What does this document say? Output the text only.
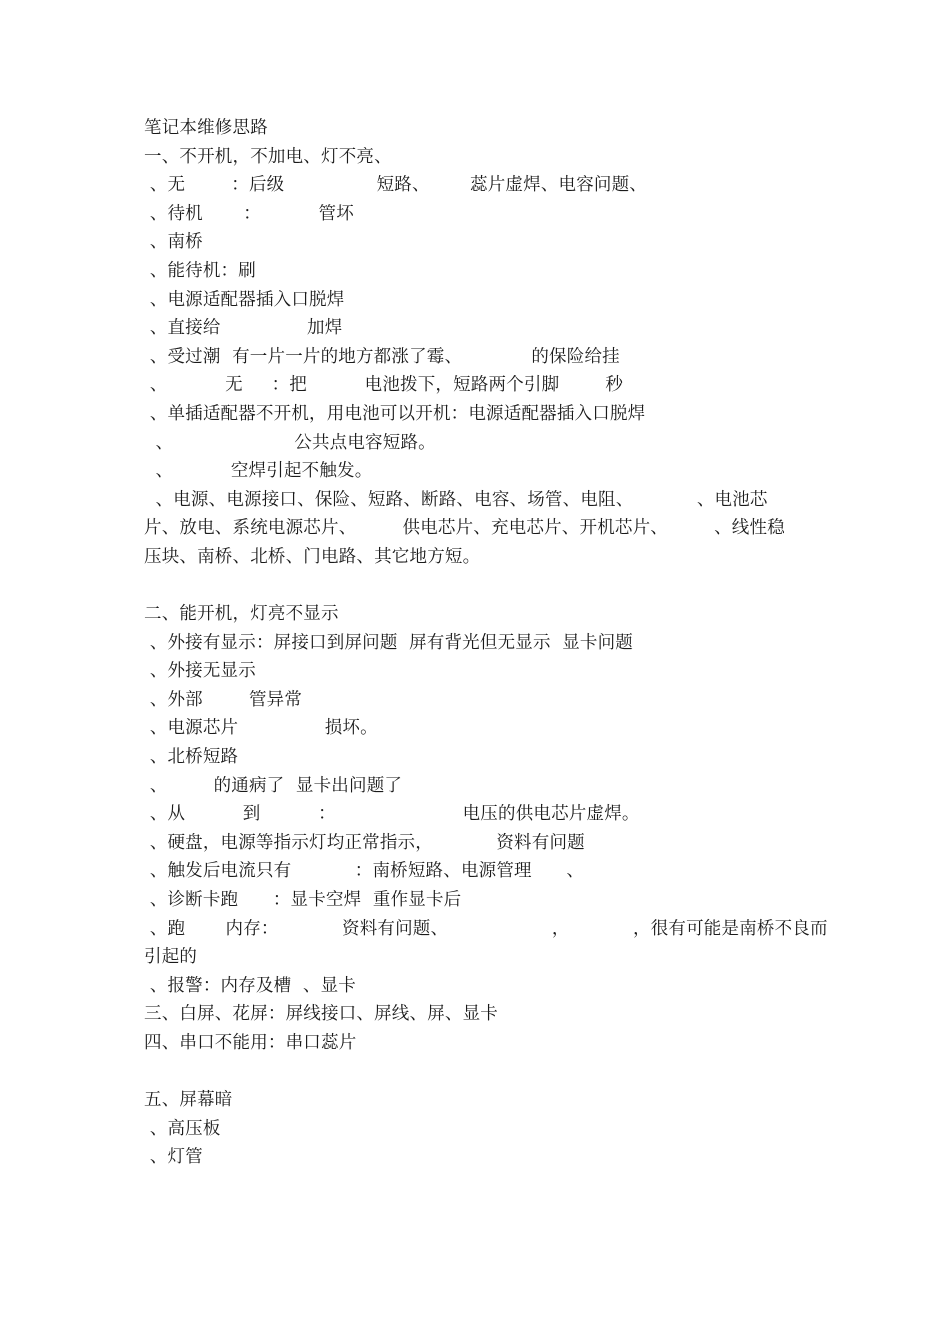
笔记本维修思路
一、不开机，不加电、灯不亮、
、无        ：后级                短路、       蕊片虚焊、电容问题、
、待机       ：          管坏
、南桥
、能待机：刷
、电源适配器插入口脱焊
、直接给               加焊
、受过潮  有一片一片的地方都涨了霉、            的保险给挂
、          无     ：把          电池拨下，短路两个引脚        秒
、单插适配器不开机，用电池可以开机：电源适配器插入口脱焊
、                     公共点电容短路。
、          空焊引起不触发。
、电源、电源接口、保险、短路、断路、电容、场管、电阻、           、电池芯
片、放电、系统电源芯片、        供电芯片、充电芯片、开机芯片、        、线性稳
压块、南桥、北桥、门电路、其它地方短。
二、能开机，灯亮不显示
、外接有显示：屏接口到屏问题  屏有背光但无显示  显卡问题
、外接无显示
、外部        管异常
、电源芯片               损坏。
、北桥短路
、        的通病了  显卡出问题了
、从          到          ：                      电压的供电芯片虚焊。
、硬盘，电源等指示灯均正常指示，           资料有问题
、触发后电流只有           ：南桥短路、电源管理      、
、诊断卡跑      ：显卡空焊  重作显卡后
、跑       内存：           资料有问题、                  ，           ，很有可能是南桥不良而
引起的
、报警：内存及槽  、显卡
三、白屏、花屏：屏线接口、屏线、屏、显卡
四、串口不能用：串口蕊片
五、屏幕暗
、高压板
、灯管
